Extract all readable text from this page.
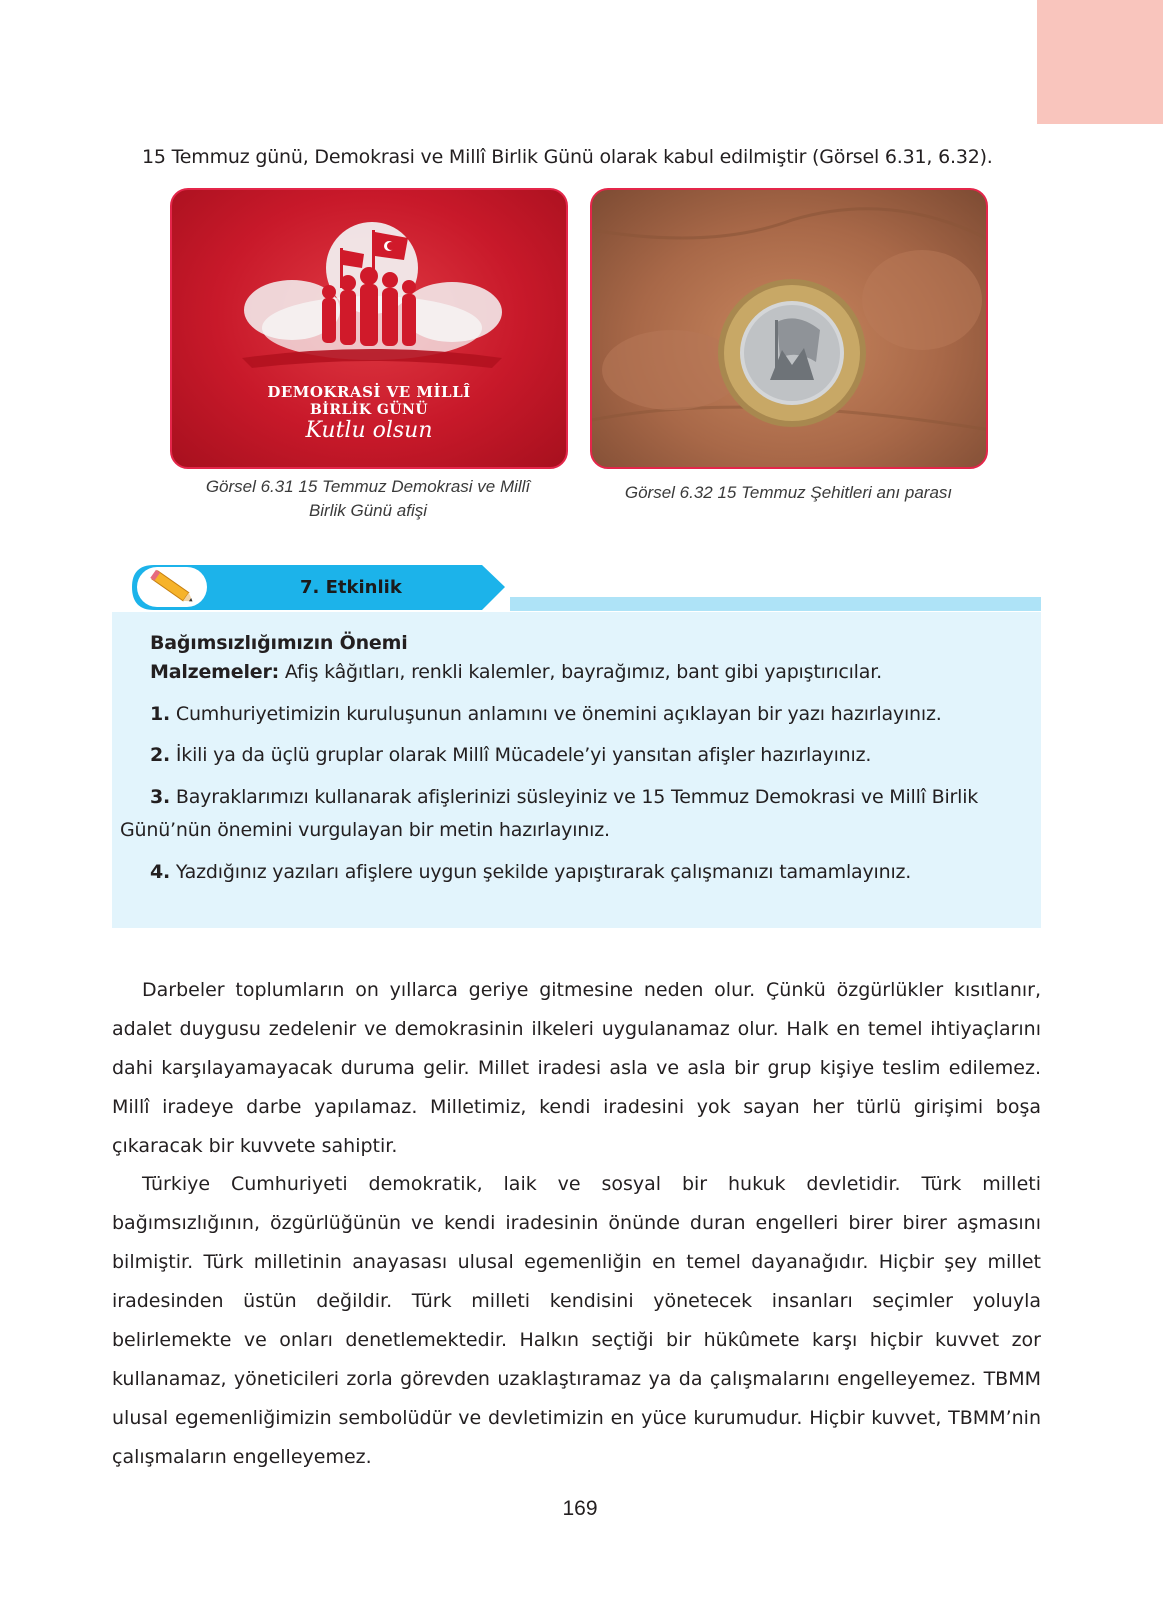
15 Temmuz günü, Demokrasi ve Millî Birlik Günü olarak kabul edilmiştir (Görsel 6.31, 6.32).
DEMOKRASİ VE MİLLÎ
BİRLİK GÜNÜ
Kutlu olsun
Görsel 6.31 15 Temmuz Demokrasi ve Millî
Birlik Günü afişi
Görsel 6.32 15 Temmuz Şehitleri anı parası
7. Etkinlik
Bağımsızlığımızın Önemi
Malzemeler: Afiş kâğıtları, renkli kalemler, bayrağımız, bant gibi yapıştırıcılar.
1. Cumhuriyetimizin kuruluşunun anlamını ve önemini açıklayan bir yazı hazırlayınız.
2. İkili ya da üçlü gruplar olarak Millî Mücadele’yi yansıtan afişler hazırlayınız.
3. Bayraklarımızı kullanarak afişlerinizi süsleyiniz ve 15 Temmuz Demokrasi ve Millî Birlik
Günü’nün önemini vurgulayan bir metin hazırlayınız.
4. Yazdığınız yazıları afişlere uygun şekilde yapıştırarak çalışmanızı tamamlayınız.

Darbeler toplumların on yıllarca geriye gitmesine neden olur. Çünkü özgürlükler kısıtlanır, adalet duygusu zedelenir ve demokrasinin ilkeleri uygulanamaz olur. Halk en temel ihtiyaçlarını dahi karşılayamayacak duruma gelir. Millet iradesi asla ve asla bir grup kişiye teslim edilemez. Millî iradeye darbe yapılamaz. Milletimiz, kendi iradesini yok sayan her türlü girişimi boşa çıkaracak bir kuvvete sahiptir.

Türkiye Cumhuriyeti demokratik, laik ve sosyal bir hukuk devletidir. Türk milleti bağımsızlığının, özgürlüğünün ve kendi iradesinin önünde duran engelleri birer birer aşmasını bilmiştir. Türk milletinin anayasası ulusal egemenliğin en temel dayanağıdır. Hiçbir şey millet iradesinden üstün değildir. Türk milleti kendisini yönetecek insanları seçimler yoluyla belirlemekte ve onları denetlemektedir. Halkın seçtiği bir hükûmete karşı hiçbir kuvvet zor kullanamaz, yöneticileri zorla görevden uzaklaştıramaz ya da çalışmalarını engelleyemez. TBMM ulusal egemenliğimizin sembolüdür ve devletimizin en yüce kurumudur. Hiçbir kuvvet, TBMM’nin çalışmaların engelleyemez.

169
